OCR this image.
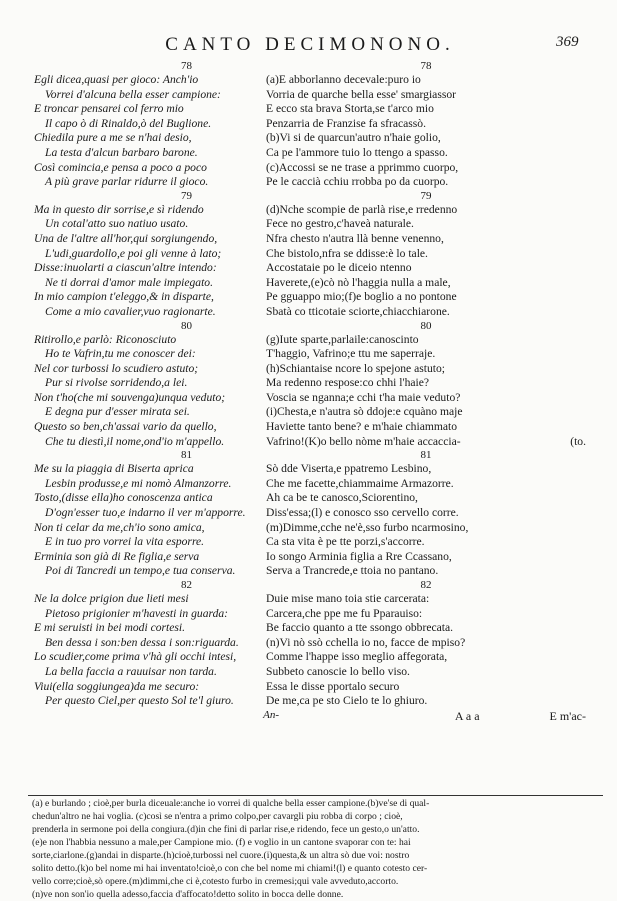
CANTO DECIMONONO.	369
78
Egli dicea,quasi per gioco: Anch'io
Vorrei d'alcuna bella esser campione:
E troncar pensarei col ferro mio
Il capo ò di Rinaldo,ò del Buglione.
Chiedila pure a me se n'hai desio,
La testa d'alcun barbaro barone.
Così comincia,e pensa a poco a poco
A più grave parlar ridurre il gioco.
79
Ma in questo dir sorrise,e sì ridendo
Un cotal'atto suo natiuo usato.
Una de l'altre all'hor,qui sorgiungendo,
L'udi,guardollo,e poi gli venne à lato;
Disse:inuolarti a ciascun'altre intendo:
Ne ti dorrai d'amor male impiegato.
In mio campion t'eleggo,& in disparte,
Come a mio cavalier,vuo ragionarte.
80
Ritirollo,e parlò: Riconosciuto
Ho te Vafrin,tu me conoscer dei:
Nel cor turbossi lo scudiero astuto;
Pur si rivolse sorridendo,a lei.
Non t'ho(che mi souvenga)unqua veduto;
E degna pur d'esser mirata sei.
Questo so ben,ch'assai vario da quello,
Che tu diestì,il nome,ond'io m'appello.
81
Me su la piaggia di Biserta aprica
Lesbin produsse,e mi nomò Almanzorre.
Tosto,(disse ella)ho conoscenza antica
D'ogn'esser tuo,e indarno il ver m'apporre.
Non ti celar da me,ch'io sono amica,
E in tuo pro vorrei la vita esporre.
Erminia son già di Re figlia,e serva
Poi di Tancredi un tempo,e tua conserva.
82
Ne la dolce prigion due lieti mesi
Pietoso prigionier m'havesti in guarda:
E mi seruisti in bei modi cortesi.
Ben dessa i son:ben dessa i son:riguarda.
Lo scudier,come prima v'hà gli occhi intesi,
La bella faccia a rauuisar non tarda.
Viui(ella soggiungea)da me securo:
Per questo Ciel,per questo Sol te'l giuro.
An-
78
(a)E abborlanno decevale:puro io
Vorria de quarche bella esse' smargiassor
E ecco sta brava Storta,se t'arco mio
Penzarria de Franzise fa sfracassò.
(b)Vi si de quarcun'autro n'haie golio,
Ca pe l'ammore tuio lo ttengo a spasso.
(c)Accossi se ne trase a pprimmo cuorpo,
Pe le caccià cchiu rrobba po da cuorpo.
79
(d)Nche scompie de parlà rise,e rredenno
Fece no gestro,c'haveà naturale.
Nfra chesto n'autra llà benne venenno,
Che bistolo,nfra se ddisse:è lo tale.
Accostataie po le diceio ntenno
Haverete,(e)cò nò l'haggia nulla a male,
Pe gguappo mio;(f)e boglio a no pontone
Sbatà co tticotaie sciorte,chiacchiarone.
80
(g)Iute sparte,parlaile:canoscinto
T'haggio, Vafrino;e ttu me saperraje.
(h)Schiantaise ncore lo spejone astuto;
Ma redenno respose:co chhi l'haie?
Voscia se nganna;e cchi t'ha maie veduto?
(i)Chesta,e n'autra sò ddoje:e cquàno maje
Haviette tanto bene? e m'haie chiammato
Vafrino!(K)o bello nòme m'haie accaccia-	(to.
81
Sò dde Viserta,e ppatremo Lesbino,
Che me facette,chiammaime Armazorre.
Ah ca be te canosco,Sciorentino,
Diss'essa;(l) e conosco sso cervello corre.
(m)Dimme,cche ne'è,sso furbo ncarmosino,
Ca sta vita è pe tte porzi,s'accorre.
Io songo Arminia figlia a Rre Ccassano,
Serva a Trancrede,e ttoia no pantano.
82
Duie mise mano toia stie carcerata:
Carcera,che ppe me fu Pparauiso:
Be faccio quanto a tte ssongo obbrecata.
(n)Vi nò ssò cchella io no, facce de mpiso?
Comme l'happe isso meglio affegorata,
Subbeto canoscie lo bello viso.
Essa le disse pportalo securo
De me,ca pe sto Cielo te lo ghiuro.
A a a	E m'ac-
(a) e burlando ; cioè,per burla diceuale:anche io vorrei di qualche bella esser campione.(b)ve'se di qual-
chedun'altro ne hai voglia. (c)così se n'entra a primo colpo,per cavargli piu robba di corpo ; cioè,
prenderla in sermone poi della congiura.(d)in che fini di parlar rise,e ridendo, fece un gesto,o un'atto.
(e)e non l'habbia nessuno a male,per Campione mio. (f) e voglio in un cantone svaporar con te: hai
sorte,ciarlone.(g)andai in disparte.(h)cioè,turbossi nel cuore.(i)questa,& un altra sò due voi: nostro
solito detto.(k)o bel nome mi hai inventato!cioè,o con che bel nome mi chiami!(l) e quanto cotesto cer-
vello corre;cioè,sò opere.(m)dimmi,che ci è,cotesto furbo in cremesi;qui vale avveduto,accorto.
(n)ve non son'io quella adesso,faccia d'affocato!detto solito in bocca delle donne.
